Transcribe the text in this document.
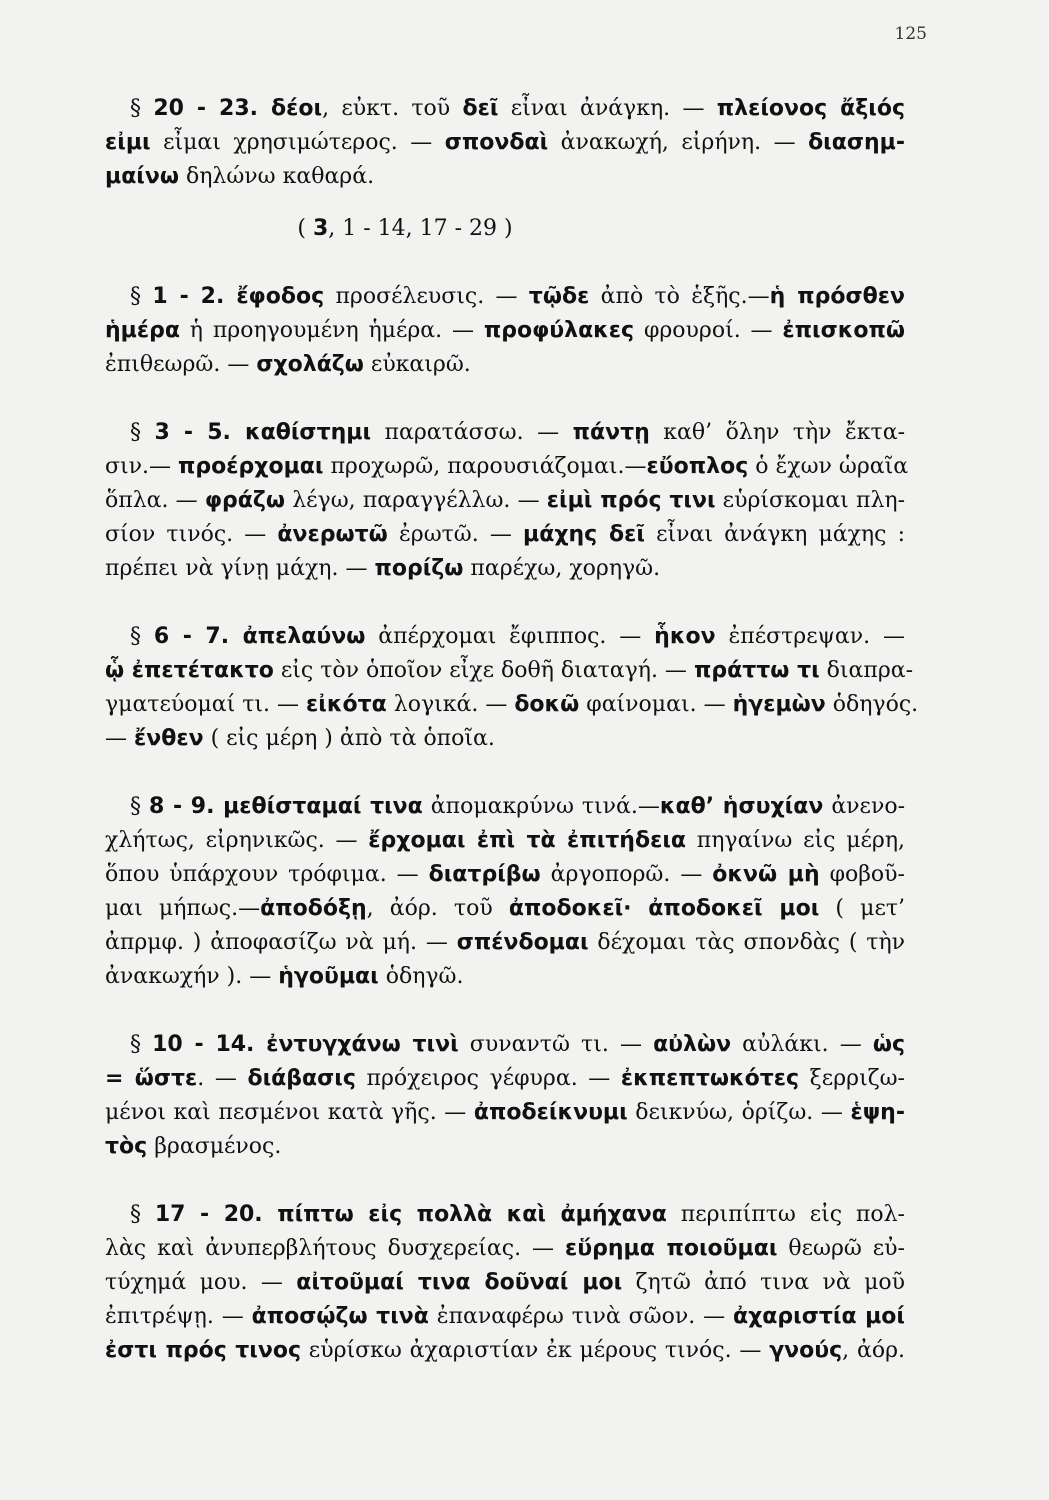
125
§ 20 - 23. δέοι, εὐκτ. τοῦ δεῖ εἶναι ἀνάγκη. — πλείονος ἄξιός
εἰμι εἶμαι χρησιμώτερος. — σπονδαὶ ἀνακωχή, εἰρήνη. — διασημ-
μαίνω δηλώνω καθαρά.
( 3, 1 - 14, 17 - 29 )
§ 1 - 2. ἔφοδος προσέλευσις. — τῷδε ἀπὸ τὸ ἑξῆς.—ἡ πρόσθεν
ἡμέρα ἡ προηγουμένη ἡμέρα. — προφύλακες φρουροί. — ἐπισκοπῶ
ἐπιθεωρῶ. — σχολάζω εὐκαιρῶ.
§ 3 - 5. καθίστημι παρατάσσω. — πάντῃ καθ’ ὅλην τὴν ἔκτα-
σιν.— προέρχομαι προχωρῶ, παρουσιάζομαι.—εὔοπλος ὁ ἔχων ὡραῖα
ὅπλα. — φράζω λέγω, παραγγέλλω. — εἰμὶ πρός τινι εὑρίσκομαι πλη-
σίον τινός. — ἀνερωτῶ ἐρωτῶ. — μάχης δεῖ εἶναι ἀνάγκη μάχης :
πρέπει νὰ γίνῃ μάχη. — πορίζω παρέχω, χορηγῶ.
§ 6 - 7. ἀπελαύνω ἀπέρχομαι ἔφιππος. — ἧκον ἐπέστρεψαν. —
ᾧ ἐπετέτακτο εἰς τὸν ὁποῖον εἶχε δοθῆ διαταγή. — πράττω τι διαπρα-
γματεύομαί τι. — εἰκότα λογικά. — δοκῶ φαίνομαι. — ἡγεμὼν ὁδηγός.
— ἔνθεν ( εἰς μέρη ) ἀπὸ τὰ ὁποῖα.
§ 8 - 9. μεθίσταμαί τινα ἀπομακρύνω τινά.—καθ’ ἡσυχίαν ἀνενο-
χλήτως, εἰρηνικῶς. — ἔρχομαι ἐπὶ τὰ ἐπιτήδεια πηγαίνω εἰς μέρη,
ὅπου ὑπάρχουν τρόφιμα. — διατρίβω ἀργοπορῶ. — ὀκνῶ μὴ φοβοῦ-
μαι μήπως.—ἀποδόξῃ, ἀόρ. τοῦ ἀποδοκεῖ· ἀποδοκεῖ μοι ( μετ’
ἀπρμφ. ) ἀποφασίζω νὰ μή. — σπένδομαι δέχομαι τὰς σπονδὰς ( τὴν
ἀνακωχήν ). — ἡγοῦμαι ὁδηγῶ.
§ 10 - 14. ἐντυγχάνω τινὶ συναντῶ τι. — αὐλὼν αὐλάκι. — ὡς
= ὥστε. — διάβασις πρόχειρος γέφυρα. — ἐκπεπτωκότες ξερριζω-
μένοι καὶ πεσμένοι κατὰ γῆς. — ἀποδείκνυμι δεικνύω, ὁρίζω. — ἑψη-
τὸς βρασμένος.
§ 17 - 20. πίπτω εἰς πολλὰ καὶ ἀμήχανα περιπίπτω εἰς πολ-
λὰς καὶ ἀνυπερβλήτους δυσχερείας. — εὕρημα ποιοῦμαι θεωρῶ εὐ-
τύχημά μου. — αἰτοῦμαί τινα δοῦναί μοι ζητῶ ἀπό τινα νὰ μοῦ
ἐπιτρέψῃ. — ἀποσῴζω τινὰ ἐπαναφέρω τινὰ σῶον. — ἀχαριστία μοί
ἐστι πρός τινος εὑρίσκω ἀχαριστίαν ἐκ μέρους τινός. — γνούς, ἀόρ.
